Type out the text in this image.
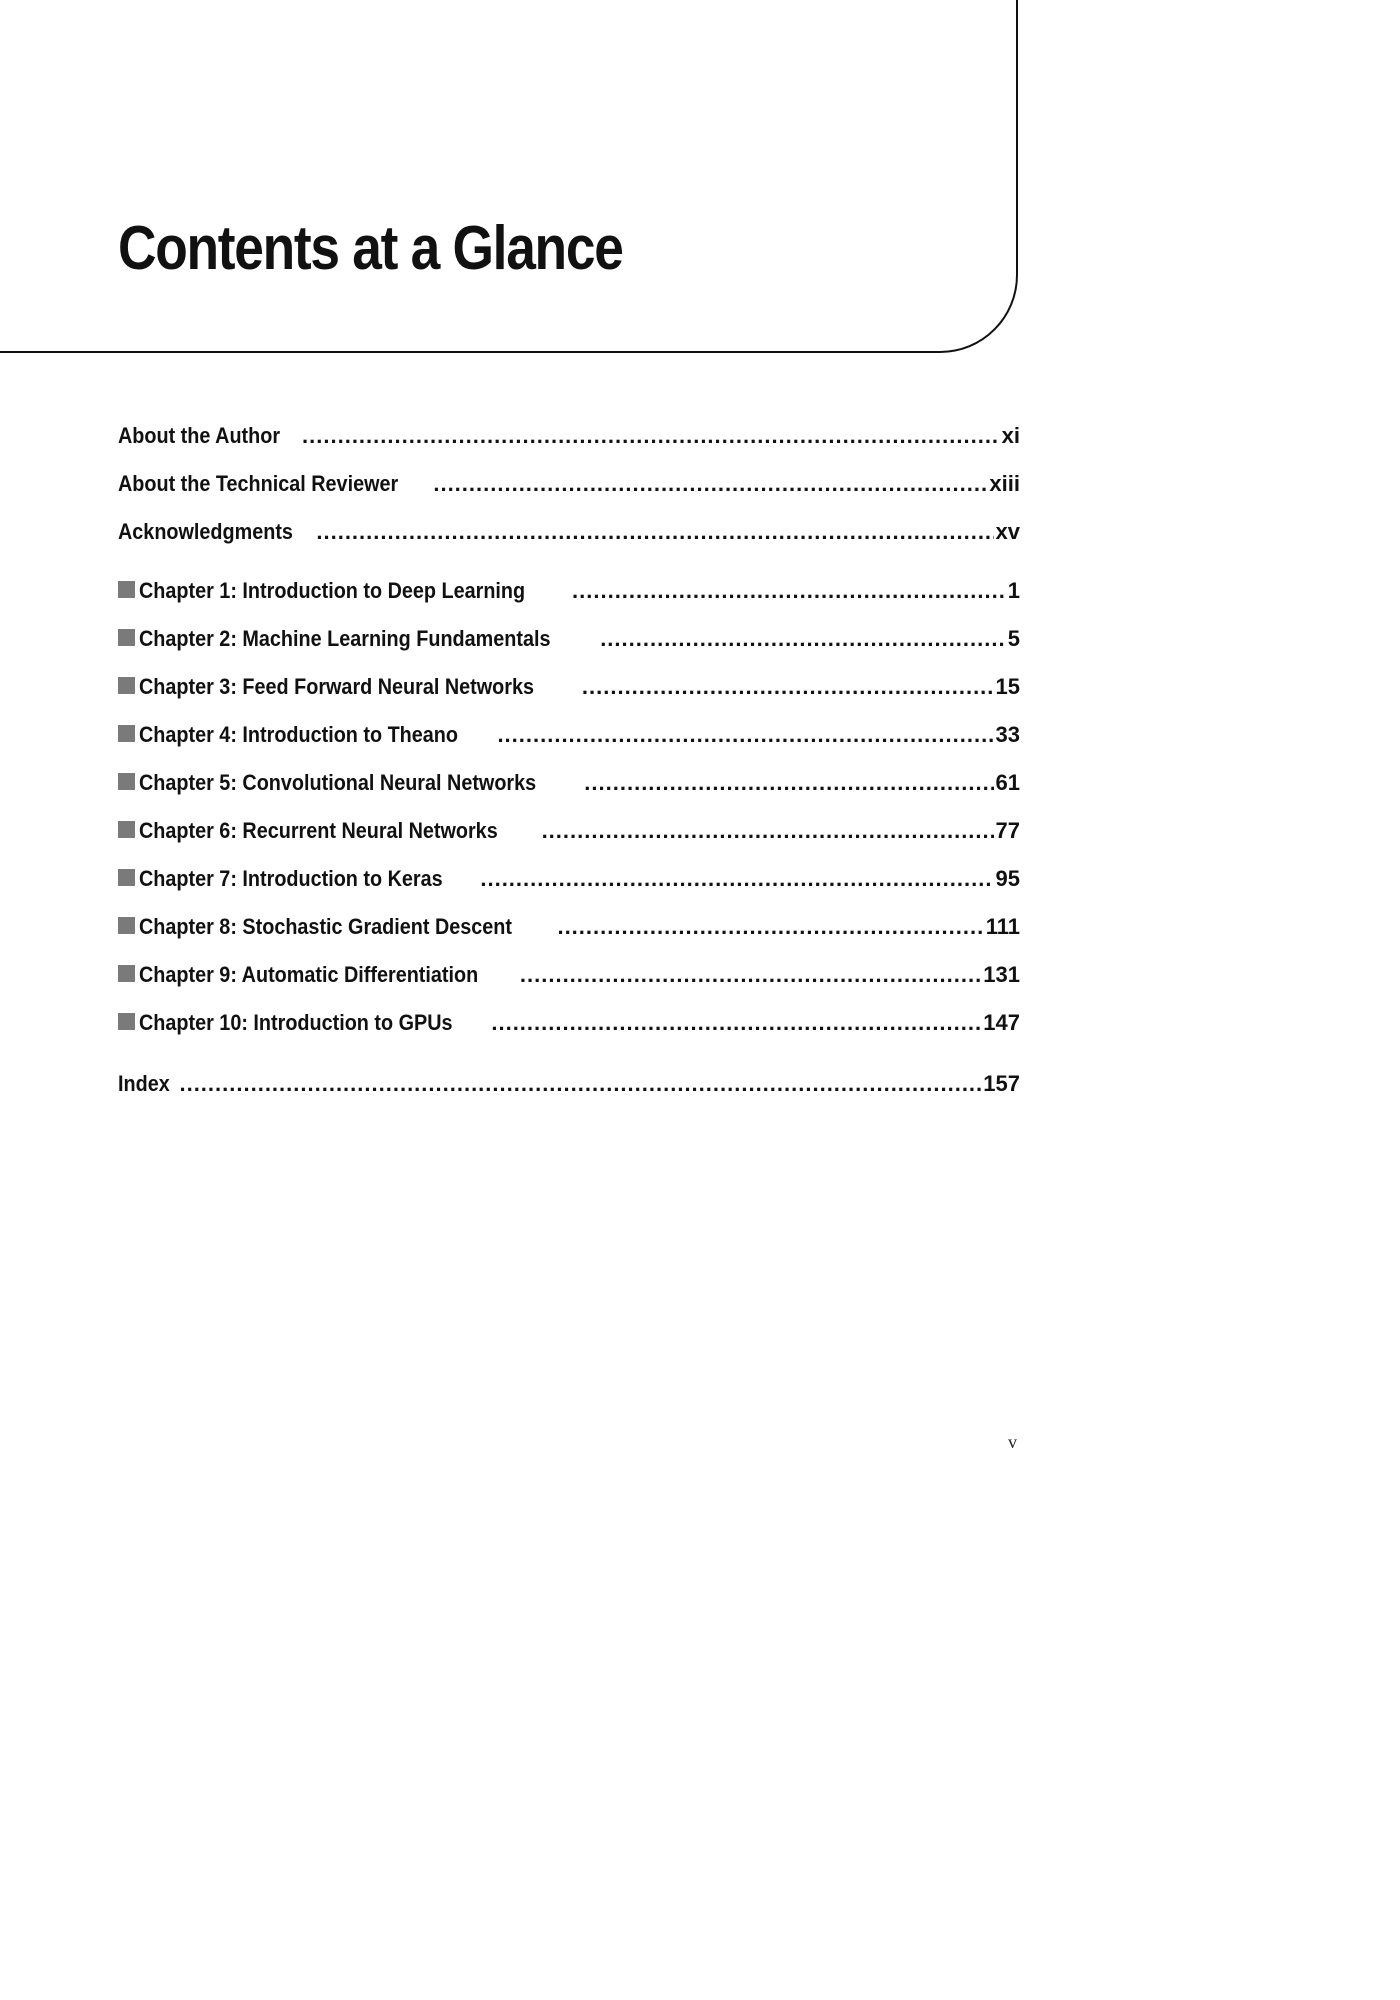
Contents at a Glance
About the Author .....	xi
About the Technical Reviewer .....	xiii
Acknowledgments .....	xv
Chapter 1: Introduction to Deep Learning .....	1
Chapter 2: Machine Learning Fundamentals .....	5
Chapter 3: Feed Forward Neural Networks .....	15
Chapter 4: Introduction to Theano .....	33
Chapter 5: Convolutional Neural Networks .....	61
Chapter 6: Recurrent Neural Networks .....	77
Chapter 7: Introduction to Keras .....	95
Chapter 8: Stochastic Gradient Descent .....	111
Chapter 9: Automatic Differentiation .....	131
Chapter 10: Introduction to GPUs .....	147
Index .....	157
v
